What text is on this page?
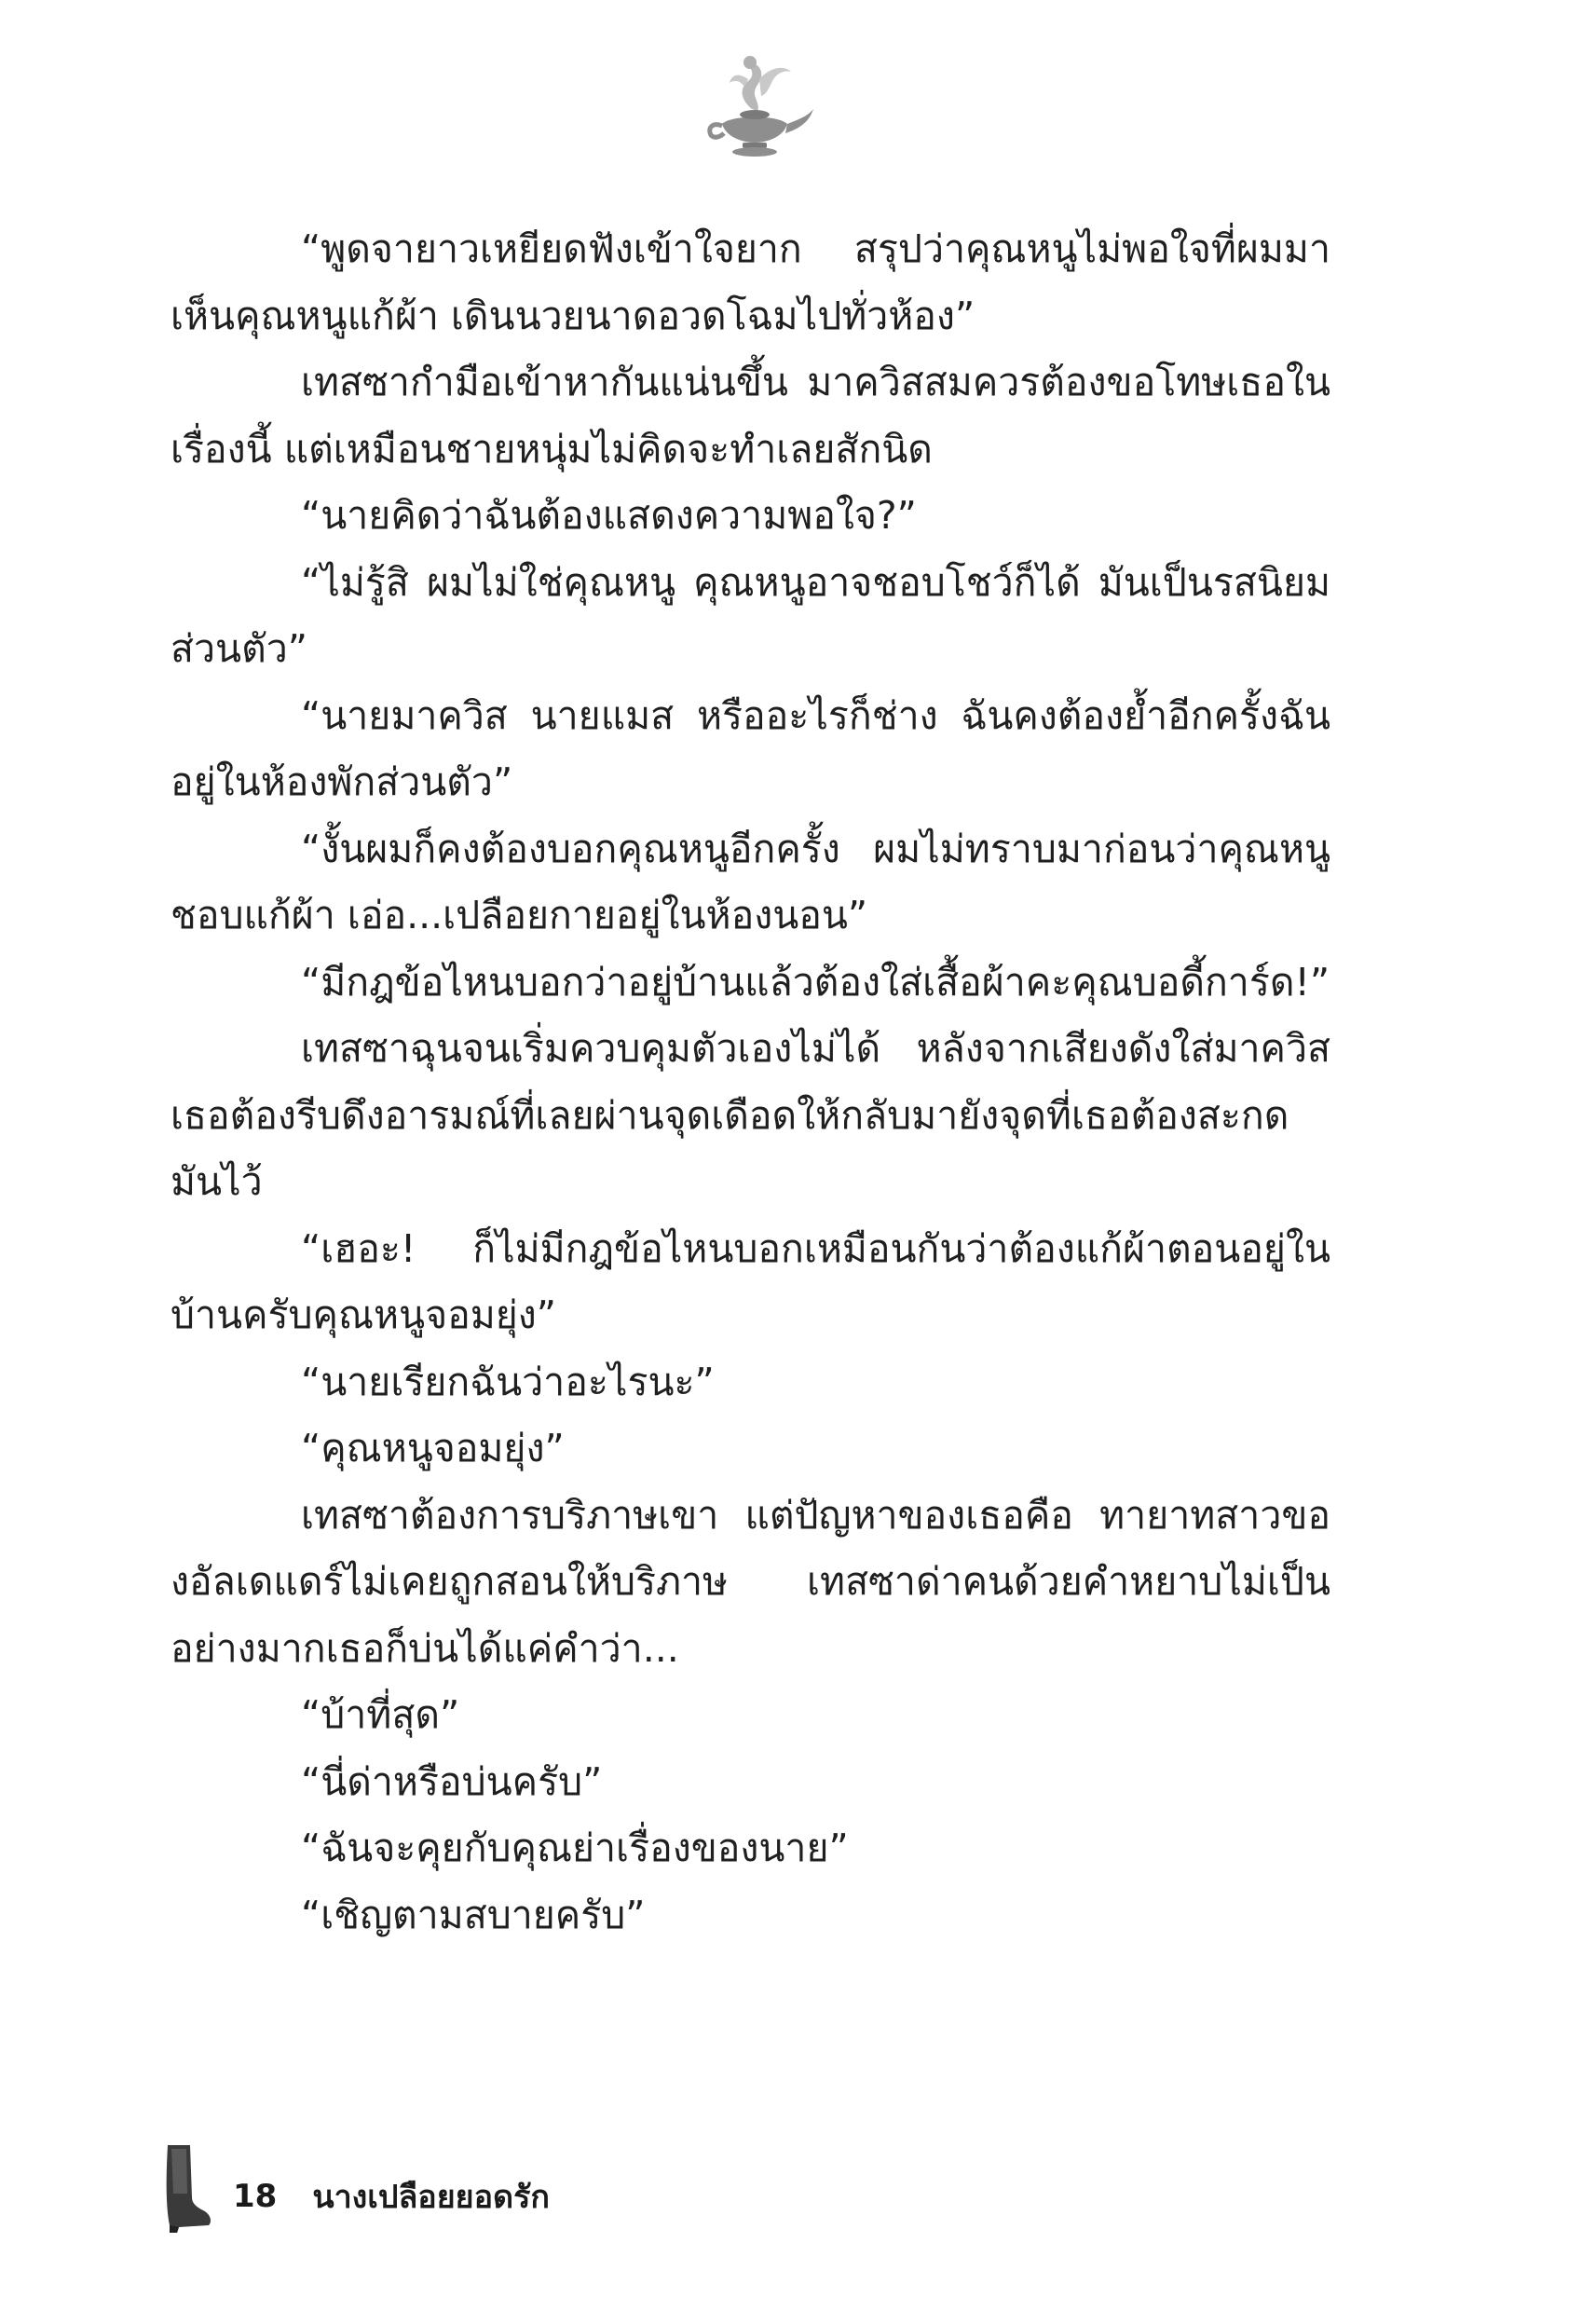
“พูดจายาวเหยียดฟังเข้าใจยาก สรุปว่าคุณหนูไม่พอใจที่ผมมาเห็นคุณหนูแก้ผ้า เดินนวยนาดอวดโฉมไปทั่วห้อง”

เทสซากำมือเข้าหากันแน่นขึ้น มาควิสสมควรต้องขอโทษเธอในเรื่องนี้ แต่เหมือนชายหนุ่มไม่คิดจะทำเลยสักนิด

“นายคิดว่าฉันต้องแสดงความพอใจ?”

“ไม่รู้สิ ผมไม่ใช่คุณหนู คุณหนูอาจชอบโชว์ก็ได้ มันเป็นรสนิยมส่วนตัว”

“นายมาควิส นายแมส หรืออะไรก็ช่าง ฉันคงต้องย้ำอีกครั้งฉันอยู่ในห้องพักส่วนตัว”

“งั้นผมก็คงต้องบอกคุณหนูอีกครั้ง ผมไม่ทราบมาก่อนว่าคุณหนูชอบแก้ผ้า เอ่อ...เปลือยกายอยู่ในห้องนอน”

“มีกฎข้อไหนบอกว่าอยู่บ้านแล้วต้องใส่เสื้อผ้าคะคุณบอดี้การ์ด!”

เทสซาฉุนจนเริ่มควบคุมตัวเองไม่ได้ หลังจากเสียงดังใส่มาควิสเธอต้องรีบดึงอารมณ์ที่เลยผ่านจุดเดือดให้กลับมายังจุดที่เธอต้องสะกดมันไว้

“เฮอะ! ก็ไม่มีกฎข้อไหนบอกเหมือนกันว่าต้องแก้ผ้าตอนอยู่ในบ้านครับคุณหนูจอมยุ่ง”

“นายเรียกฉันว่าอะไรนะ”

“คุณหนูจอมยุ่ง”

เทสซาต้องการบริภาษเขา แต่ปัญหาของเธอคือ ทายาทสาวของอัลเดแดร์ไม่เคยถูกสอนให้บริภาษ เทสซาด่าคนด้วยคำหยาบไม่เป็นอย่างมากเธอก็บ่นได้แค่คำว่า...

“บ้าที่สุด”

“นี่ด่าหรือบ่นครับ”

“ฉันจะคุยกับคุณย่าเรื่องของนาย”

“เชิญตามสบายครับ”

18 นางเปลือยยอดรัก
